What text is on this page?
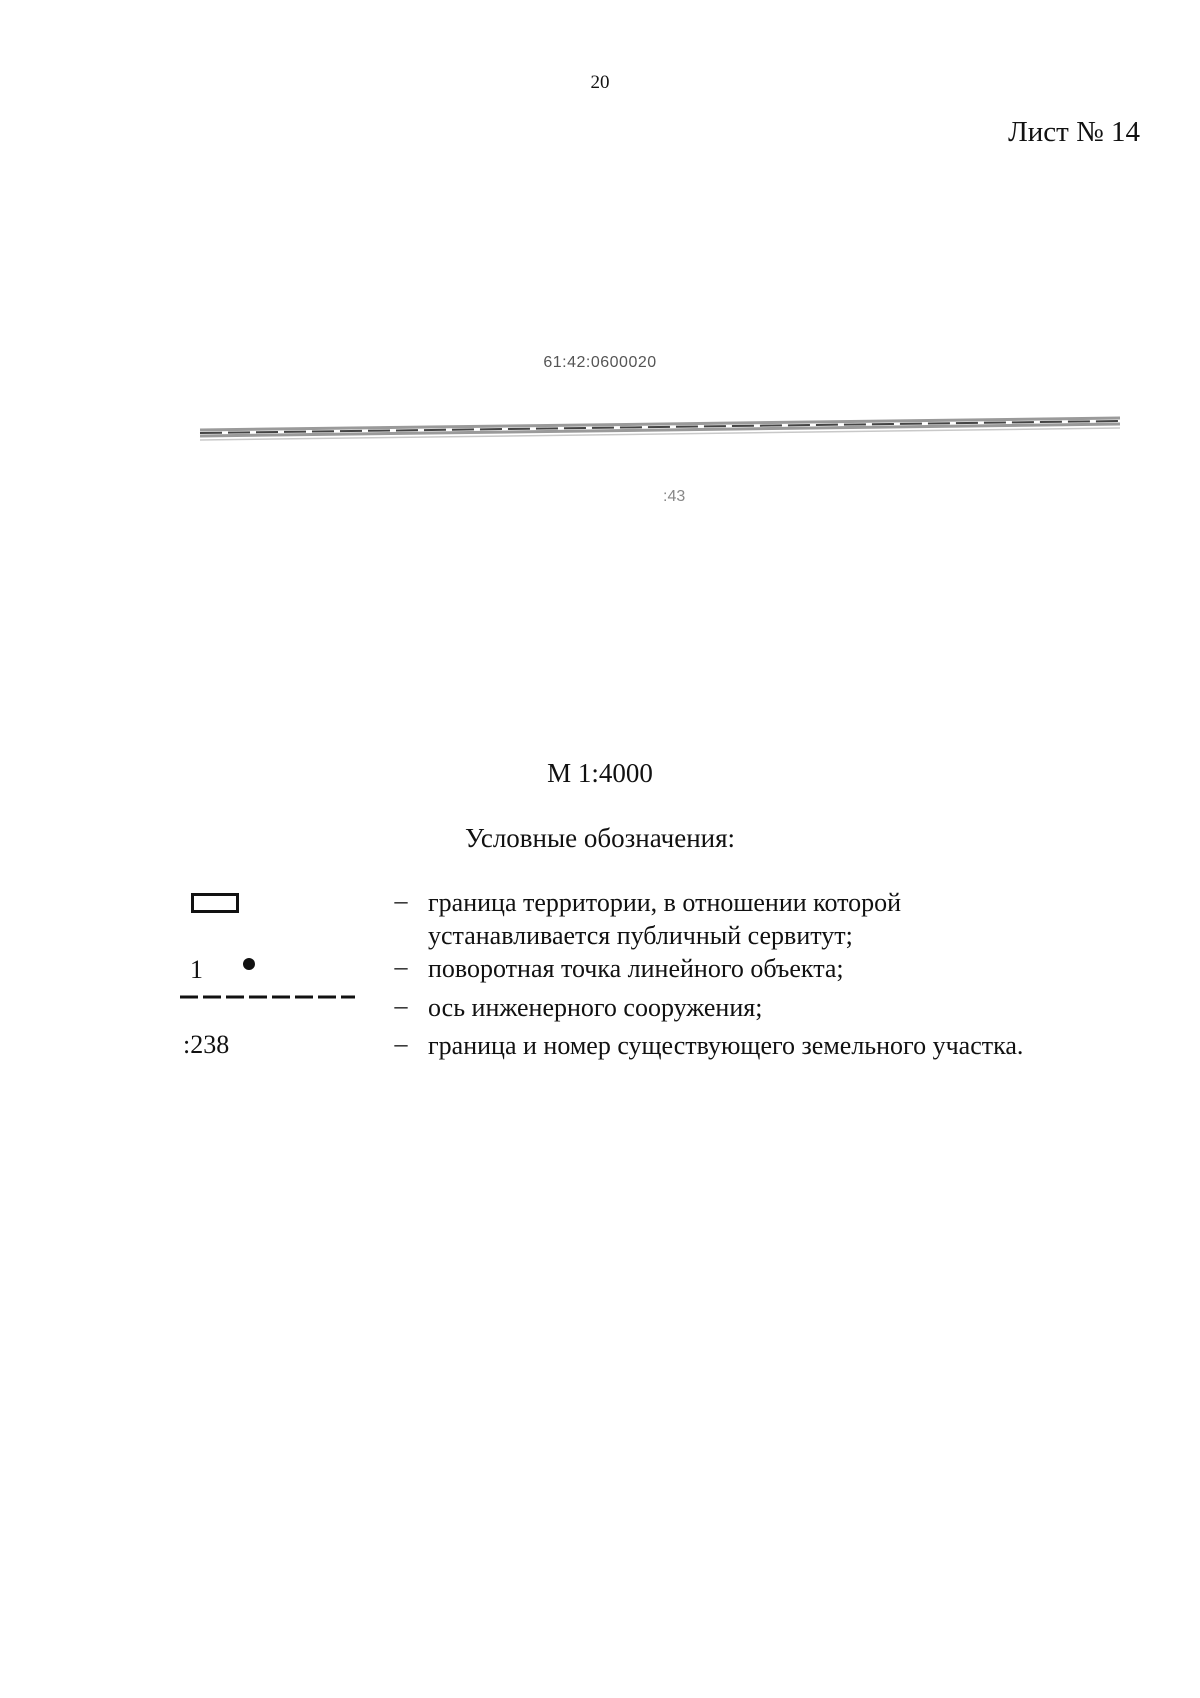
20
Лист № 14
61:42:0600020
:43
М 1:4000
Условные обозначения:
1
:238
– граница территории, в отношении которой
устанавливается публичный сервитут;
– поворотная точка линейного объекта;
– ось инженерного сооружения;
– граница и номер существующего земельного участка.
